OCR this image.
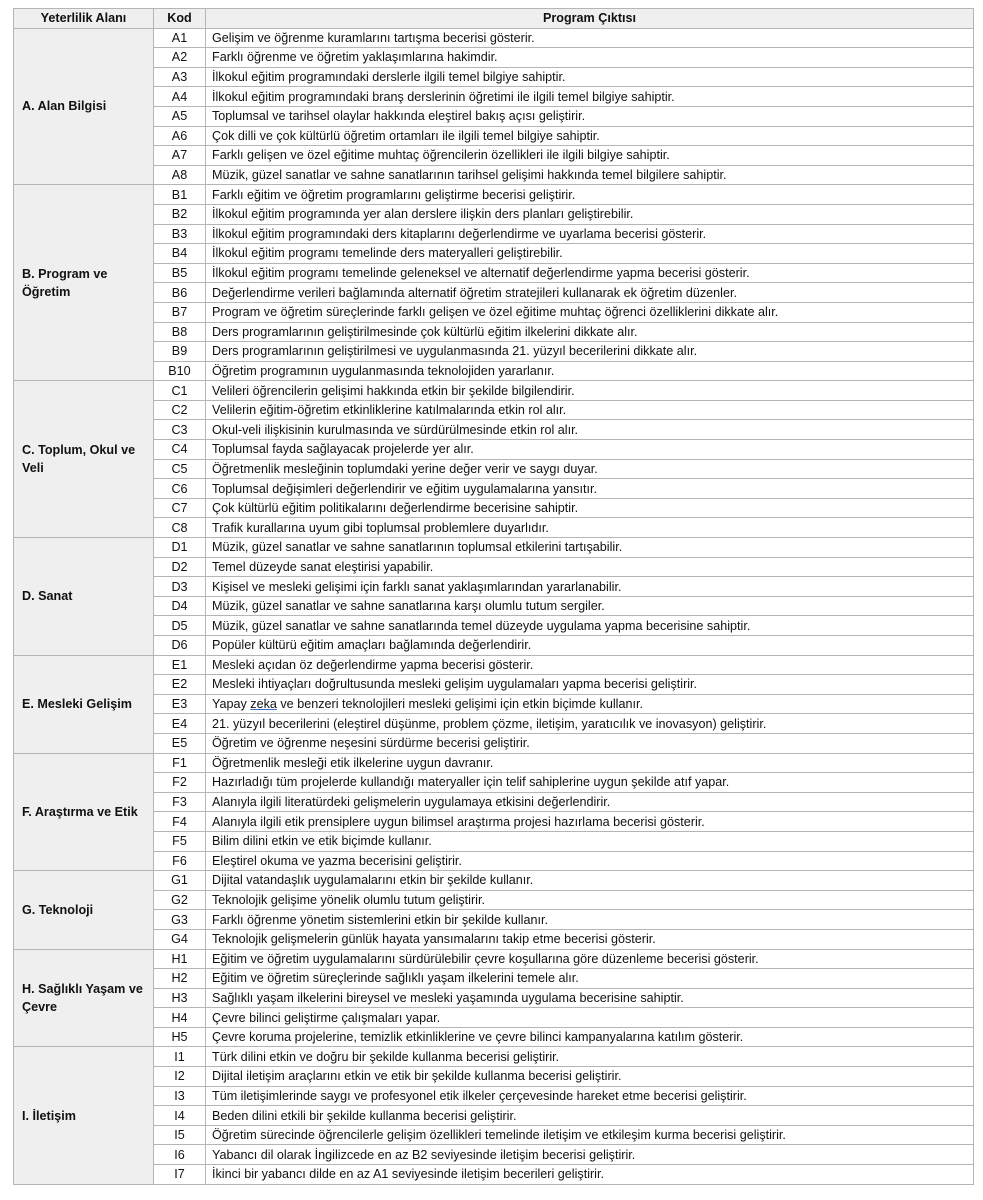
Yeterlilik Alanı	Kod	Program Çıktısı
A. Alan Bilgisi	A1	Gelişim ve öğrenme kuramlarını tartışma becerisi gösterir.
	A2	Farklı öğrenme ve öğretim yaklaşımlarına hakimdir.
	A3	İlkokul eğitim programındaki derslerle ilgili temel bilgiye sahiptir.
	A4	İlkokul eğitim programındaki branş derslerinin öğretimi ile ilgili temel bilgiye sahiptir.
	A5	Toplumsal ve tarihsel olaylar hakkında eleştirel bakış açısı geliştirir.
	A6	Çok dilli ve çok kültürlü öğretim ortamları ile ilgili temel bilgiye sahiptir.
	A7	Farklı gelişen ve özel eğitime muhtaç öğrencilerin özellikleri ile ilgili bilgiye sahiptir.
	A8	Müzik, güzel sanatlar ve sahne sanatlarının tarihsel gelişimi hakkında temel bilgilere sahiptir.
B. Program ve Öğretim	B1	Farklı eğitim ve öğretim programlarını geliştirme becerisi geliştirir.
	B2	İlkokul eğitim programında yer alan derslere ilişkin ders planları geliştirebilir.
	B3	İlkokul eğitim programındaki ders kitaplarını değerlendirme ve uyarlama becerisi gösterir.
	B4	İlkokul eğitim programı temelinde ders materyalleri geliştirebilir.
	B5	İlkokul eğitim programı temelinde geleneksel ve alternatif değerlendirme yapma becerisi gösterir.
	B6	Değerlendirme verileri bağlamında alternatif öğretim stratejileri kullanarak ek öğretim düzenler.
	B7	Program ve öğretim süreçlerinde farklı gelişen ve özel eğitime muhtaç öğrenci özelliklerini dikkate alır.
	B8	Ders programlarının geliştirilmesinde çok kültürlü eğitim ilkelerini dikkate alır.
	B9	Ders programlarının geliştirilmesi ve uygulanmasında 21. yüzyıl becerilerini dikkate alır.
	B10	Öğretim programının uygulanmasında teknolojiden yararlanır.
C. Toplum, Okul ve Veli	C1	Velileri öğrencilerin gelişimi hakkında etkin bir şekilde bilgilendirir.
	C2	Velilerin eğitim-öğretim etkinliklerine katılmalarında etkin rol alır.
	C3	Okul-veli ilişkisinin kurulmasında ve sürdürülmesinde etkin rol alır.
	C4	Toplumsal fayda sağlayacak projelerde yer alır.
	C5	Öğretmenlik mesleğinin toplumdaki yerine değer verir ve saygı duyar.
	C6	Toplumsal değişimleri değerlendirir ve eğitim uygulamalarına yansıtır.
	C7	Çok kültürlü eğitim politikalarını değerlendirme becerisine sahiptir.
	C8	Trafik kurallarına uyum gibi toplumsal problemlere duyarlıdır.
D. Sanat	D1	Müzik, güzel sanatlar ve sahne sanatlarının toplumsal etkilerini tartışabilir.
	D2	Temel düzeyde sanat eleştirisi yapabilir.
	D3	Kişisel ve mesleki gelişimi için farklı sanat yaklaşımlarından yararlanabilir.
	D4	Müzik, güzel sanatlar ve sahne sanatlarına karşı olumlu tutum sergiler.
	D5	Müzik, güzel sanatlar ve sahne sanatlarında temel düzeyde uygulama yapma becerisine sahiptir.
	D6	Popüler kültürü eğitim amaçları bağlamında değerlendirir.
E. Mesleki Gelişim	E1	Mesleki açıdan öz değerlendirme yapma becerisi gösterir.
	E2	Mesleki ihtiyaçları doğrultusunda mesleki gelişim uygulamaları yapma becerisi geliştirir.
	E3	Yapay zeka ve benzeri teknolojileri mesleki gelişimi için etkin biçimde kullanır.
	E4	21. yüzyıl becerilerini (eleştirel düşünme, problem çözme, iletişim, yaratıcılık ve inovasyon) geliştirir.
	E5	Öğretim ve öğrenme neşesini sürdürme becerisi geliştirir.
F. Araştırma ve Etik	F1	Öğretmenlik mesleği etik ilkelerine uygun davranır.
	F2	Hazırladığı tüm projelerde kullandığı materyaller için telif sahiplerine uygun şekilde atıf yapar.
	F3	Alanıyla ilgili literatürdeki gelişmelerin uygulamaya etkisini değerlendirir.
	F4	Alanıyla ilgili etik prensiplere uygun bilimsel araştırma projesi hazırlama becerisi gösterir.
	F5	Bilim dilini etkin ve etik biçimde kullanır.
	F6	Eleştirel okuma ve yazma becerisini geliştirir.
G. Teknoloji	G1	Dijital vatandaşlık uygulamalarını etkin bir şekilde kullanır.
	G2	Teknolojik gelişime yönelik olumlu tutum geliştirir.
	G3	Farklı öğrenme yönetim sistemlerini etkin bir şekilde kullanır.
	G4	Teknolojik gelişmelerin günlük hayata yansımalarını takip etme becerisi gösterir.
H. Sağlıklı Yaşam ve Çevre	H1	Eğitim ve öğretim uygulamalarını sürdürülebilir çevre koşullarına göre düzenleme becerisi gösterir.
	H2	Eğitim ve öğretim süreçlerinde sağlıklı yaşam ilkelerini temele alır.
	H3	Sağlıklı yaşam ilkelerini bireysel ve mesleki yaşamında uygulama becerisine sahiptir.
	H4	Çevre bilinci geliştirme çalışmaları yapar.
	H5	Çevre koruma projelerine, temizlik etkinliklerine ve çevre bilinci kampanyalarına katılım gösterir.
I. İletişim	I1	Türk dilini etkin ve doğru bir şekilde kullanma becerisi geliştirir.
	I2	Dijital iletişim araçlarını etkin ve etik bir şekilde kullanma becerisi geliştirir.
	I3	Tüm iletişimlerinde saygı ve profesyonel etik ilkeler çerçevesinde hareket etme becerisi geliştirir.
	I4	Beden dilini etkili bir şekilde kullanma becerisi geliştirir.
	I5	Öğretim sürecinde öğrencilerle gelişim özellikleri temelinde iletişim ve etkileşim kurma becerisi geliştirir.
	I6	Yabancı dil olarak İngilizcede en az B2 seviyesinde iletişim becerisi geliştirir.
	I7	İkinci bir yabancı dilde en az A1 seviyesinde iletişim becerileri geliştirir.
